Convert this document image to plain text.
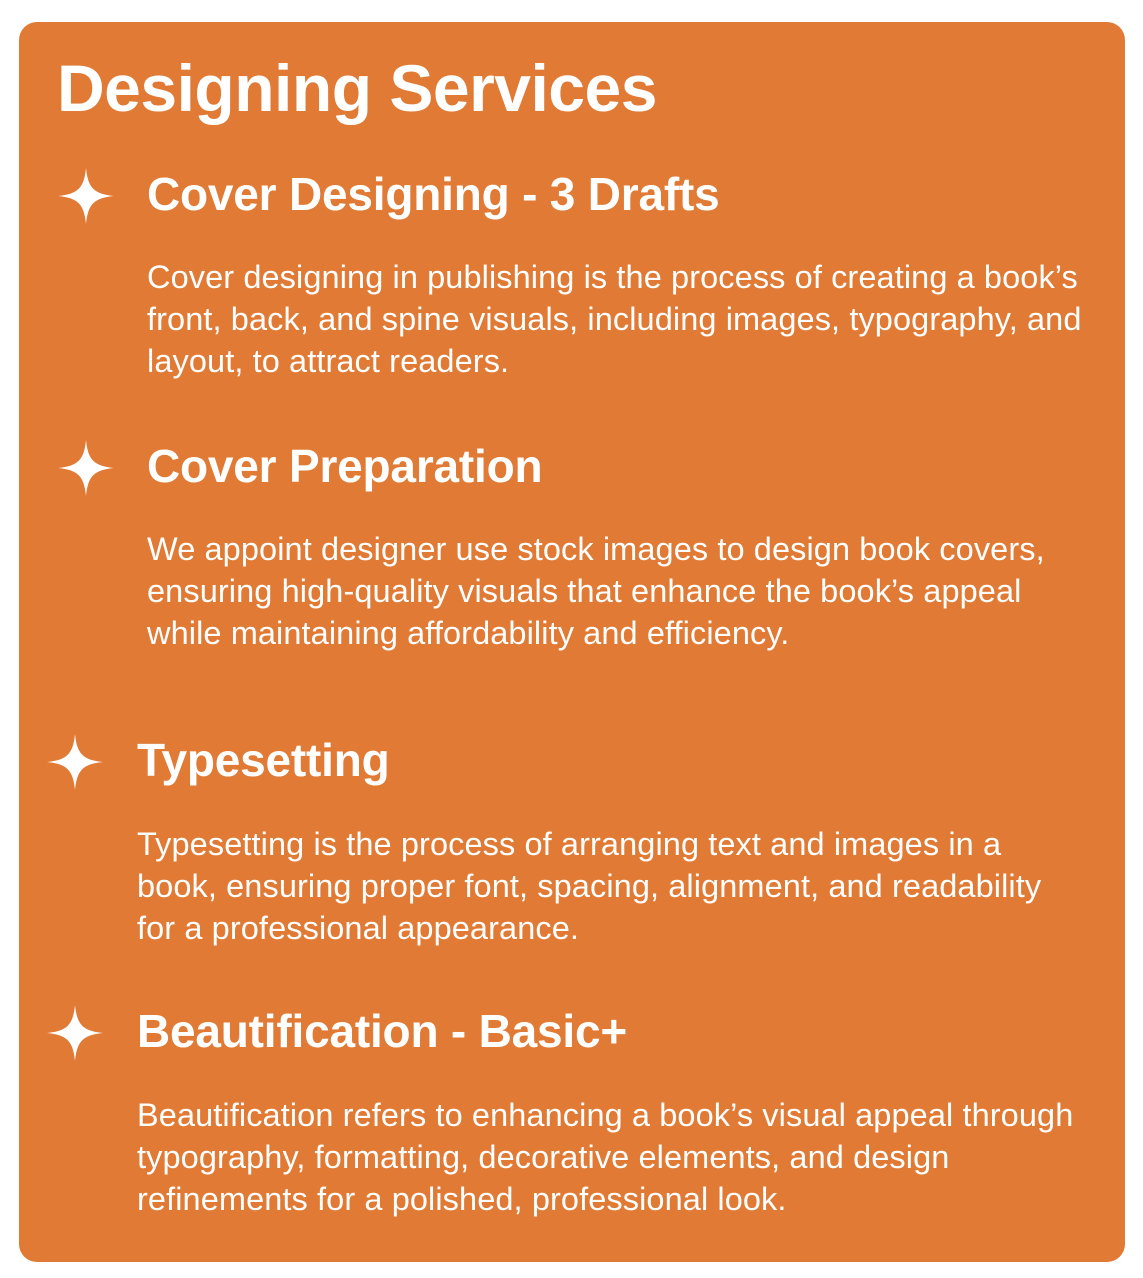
Designing Services
Cover Designing - 3 Drafts

Cover designing in publishing is the process of creating a book’s front, back, and spine visuals, including images, typography, and layout, to attract readers.

Cover Preparation

We appoint designer use stock images to design book covers, ensuring high-quality visuals that enhance the book’s appeal while maintaining affordability and efficiency.

Typesetting

Typesetting is the process of arranging text and images in a book, ensuring proper font, spacing, alignment, and readability for a professional appearance.

Beautification - Basic+

Beautification refers to enhancing a book’s visual appeal through typography, formatting, decorative elements, and design refinements for a polished, professional look.
